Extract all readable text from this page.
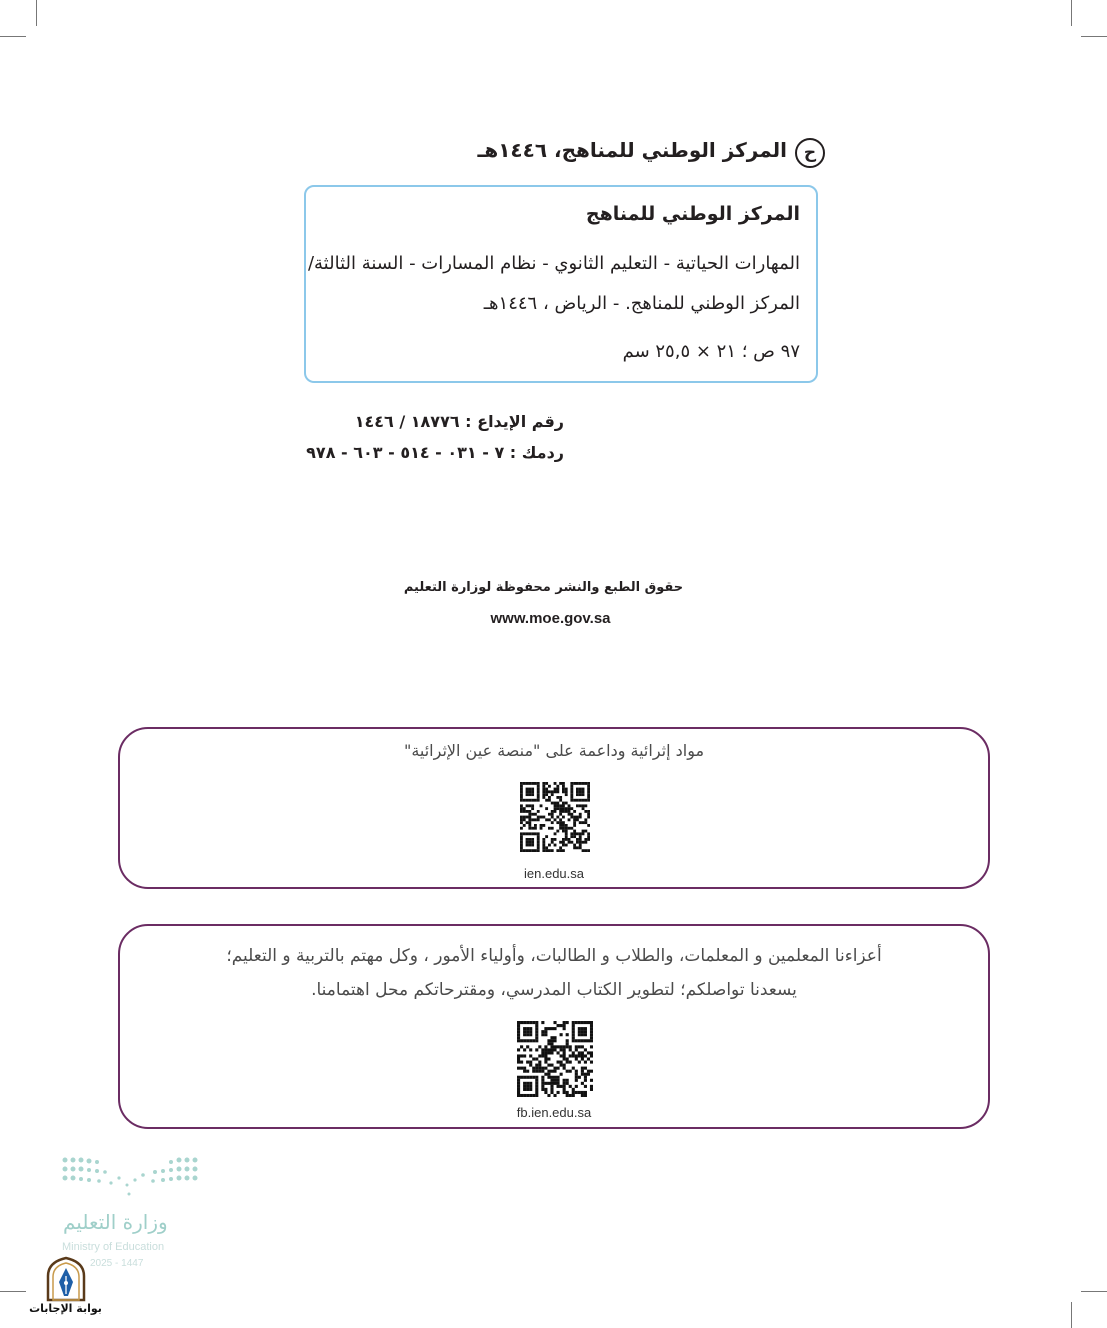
ح
المركز الوطني للمناهج، ١٤٤٦هـ
المركز الوطني للمناهج
المهارات الحياتية - التعليم الثانوي - نظام المسارات - السنة الثالثة/
المركز الوطني للمناهج. - الرياض ، ١٤٤٦هـ
٩٧ ص ؛ ٢١ × ٢٥,٥ سم
رقم الإيداع : ١٨٧٧٦ / ١٤٤٦
ردمك : ٧ - ٠٣١ - ٥١٤ - ٦٠٣ - ٩٧٨
حقوق الطبع والنشر محفوظة لوزارة التعليم
www.moe.gov.sa
مواد إثرائية وداعمة على "منصة عين الإثرائية"
ien.edu.sa
أعزاءنا المعلمين و المعلمات، والطلاب و الطالبات، وأولياء الأمور ، وكل مهتم بالتربية و التعليم؛
يسعدنا تواصلكم؛ لتطوير الكتاب المدرسي، ومقترحاتكم محل اهتمامنا.
fb.ien.edu.sa
وزارة التعليم
Ministry of Education
2025 - 1447
بوابة الإجابات
